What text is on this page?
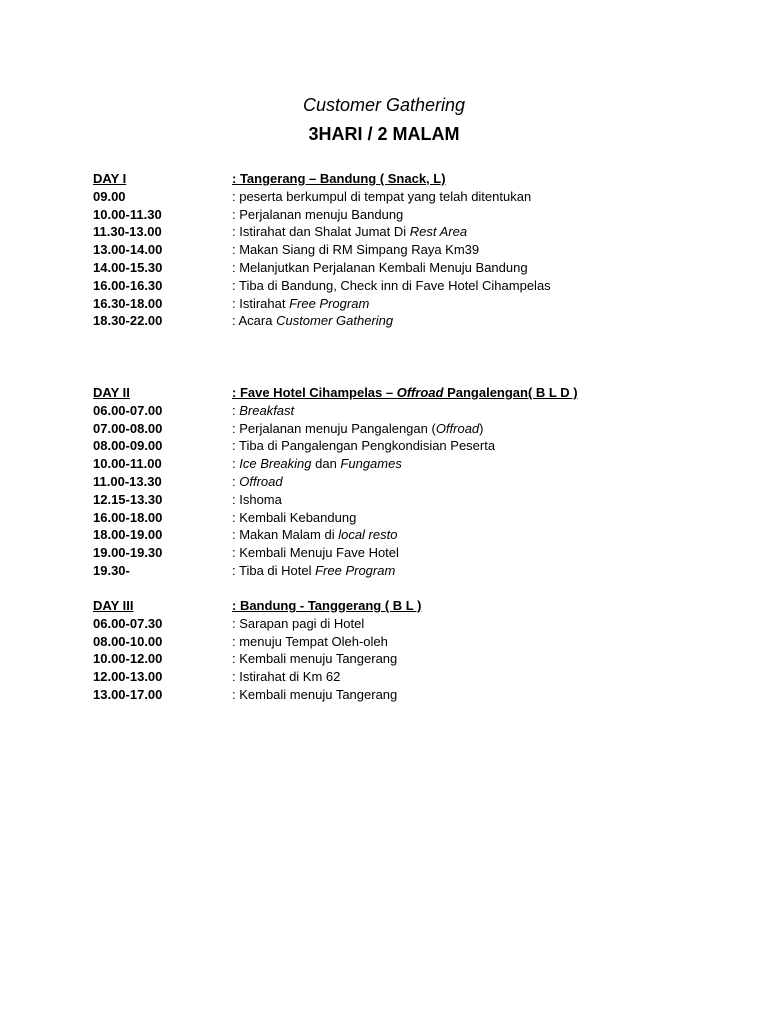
Customer Gathering
3HARI / 2 MALAM
DAY I	: Tangerang – Bandung ( Snack, L)
09.00	: peserta berkumpul di tempat yang telah ditentukan
10.00-11.30	: Perjalanan menuju Bandung
11.30-13.00	: Istirahat dan Shalat Jumat Di Rest Area
13.00-14.00	: Makan Siang di RM Simpang Raya Km39
14.00-15.30	: Melanjutkan Perjalanan Kembali Menuju Bandung
16.00-16.30	: Tiba di Bandung, Check inn di Fave Hotel Cihampelas
16.30-18.00	: Istirahat Free Program
18.30-22.00	: Acara Customer Gathering
DAY II	: Fave Hotel Cihampelas – Offroad Pangalengan( B L D )
06.00-07.00	: Breakfast
07.00-08.00	: Perjalanan menuju Pangalengan (Offroad)
08.00-09.00	: Tiba di Pangalengan Pengkondisian Peserta
10.00-11.00	: Ice Breaking dan Fungames
11.00-13.30	: Offroad
12.15-13.30	: Ishoma
16.00-18.00	: Kembali Kebandung
18.00-19.00	: Makan Malam di local resto
19.00-19.30	: Kembali Menuju Fave Hotel
19.30-	: Tiba di Hotel Free Program
DAY III	: Bandung - Tanggerang ( B L )
06.00-07.30	: Sarapan pagi di Hotel
08.00-10.00	: menuju Tempat Oleh-oleh
10.00-12.00	: Kembali menuju Tangerang
12.00-13.00	: Istirahat di Km 62
13.00-17.00	: Kembali menuju Tangerang
